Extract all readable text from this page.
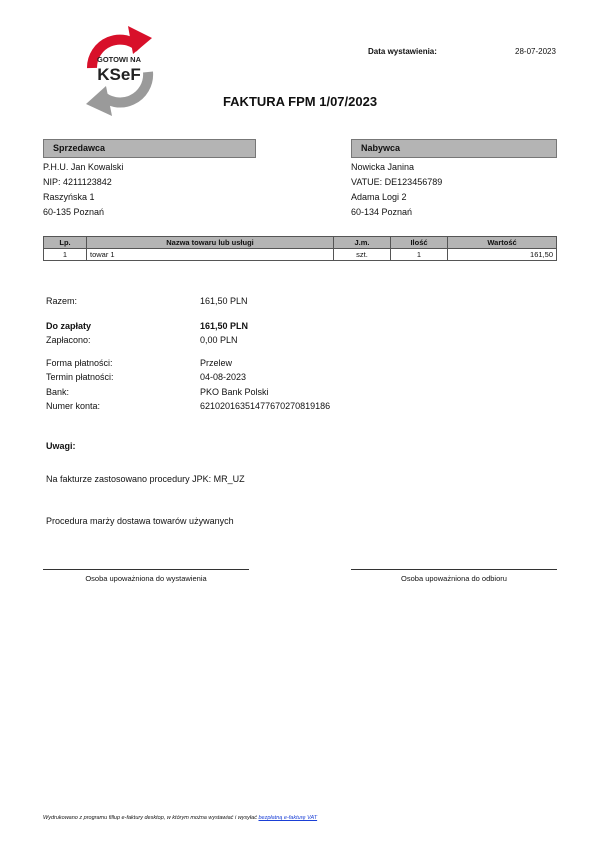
GOTOWI NA
KSeF
Data wystawienia:	28-07-2023
FAKTURA FPM 1/07/2023
Sprzedawca
P.H.U. Jan Kowalski
NIP: 4211123842
Raszyńska 1
60-135 Poznań
Nabywca
Nowicka Janina
VATUE: DE123456789
Adama Logi 2
60-134 Poznań
Lp.	Nazwa towaru lub usługi	J.m.	Ilość	Wartość
1	towar 1	szt.	1	161,50
Razem:	161,50 PLN
Do zapłaty	161,50 PLN
Zapłacono:	0,00 PLN
Forma płatności:	Przelew
Termin płatności:	04-08-2023
Bank:	PKO Bank Polski
Numer konta:	62102016351477670270819186
Uwagi:
Na fakturze zastosowano procedury JPK: MR_UZ
Procedura marży dostawa towarów używanych
Osoba upoważniona do wystawienia	Osoba upoważniona do odbioru
Wydrukowano z programu fillup e-faktury desktop, w którym można wystawiać i wysyłać bezpłatną e-fakturę VAT
